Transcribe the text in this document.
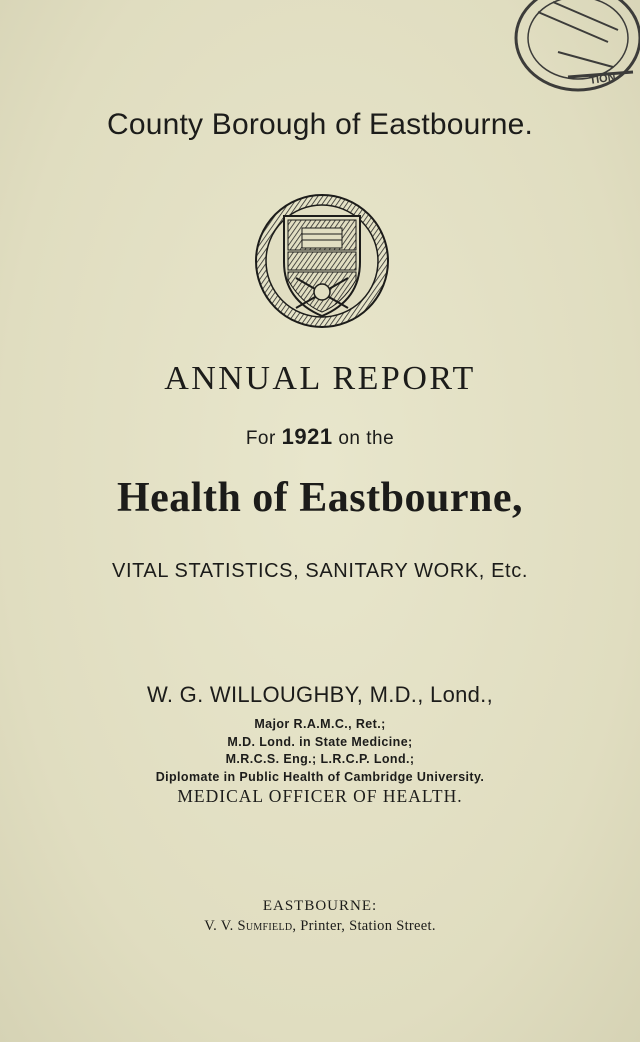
TION
County Borough of Eastbourne.
ANNUAL REPORT
For 1921 on the
Health of Eastbourne,
VITAL STATISTICS, SANITARY WORK, Etc.
W. G. WILLOUGHBY, M.D., Lond.,
Major R.A.M.C., Ret.;
M.D. Lond. in State Medicine;
M.R.C.S. Eng.; L.R.C.P. Lond.;
Diplomate in Public Health of Cambridge University.
MEDICAL OFFICER OF HEALTH.
EASTBOURNE:
V. V. Sumfield, Printer, Station Street.
